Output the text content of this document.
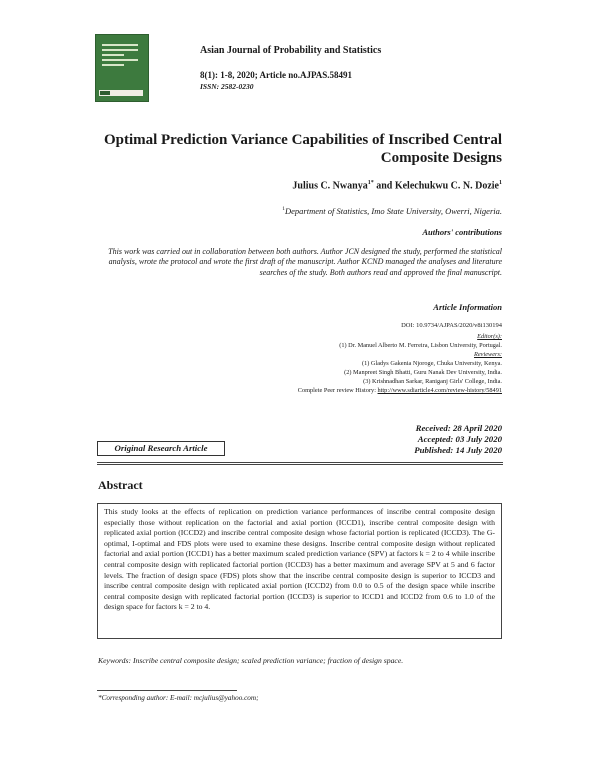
Asian Journal of Probability and Statistics
8(1): 1-8, 2020; Article no.AJPAS.58491
ISSN: 2582-0230
Optimal Prediction Variance Capabilities of Inscribed Central
Composite Designs
Julius C. Nwanya$^{1*}$ and Kelechukwu C. N. Dozie$^1$
$^1$Department of Statistics, Imo State University, Owerri, Nigeria.
Authors' contributions
This work was carried out in collaboration between both authors. Author JCN designed the study, performed the statistical analysis, wrote the protocol and wrote the first draft of the manuscript. Author KCND managed the analyses and literature searches of the study. Both authors read and approved the final manuscript.
Article Information
DOI: 10.9734/AJPAS/2020/v8i130194
Editor(s):
(1) Dr. Manuel Alberto M. Ferreira, Lisbon University, Portugal.
Reviewers:
(1) Gladys Gakenia Njoroge, Chuka University, Kenya.
(2) Manpreet Singh Bhatti, Guru Nanak Dev University, India.
(3) Krishnadhan Sarkar, Raniganj Girls' College, India.
Complete Peer review History: http://www.sdiarticle4.com/review-history/58491
Received: 28 April 2020
Accepted: 03 July 2020
Published: 14 July 2020
Original Research Article
Abstract
This study looks at the effects of replication on prediction variance performances of inscribe central composite design especially those without replication on the factorial and axial portion (ICCD1), inscribe central composite design with replicated axial portion (ICCD2) and inscribe central composite design whose factorial portion is replicated (ICCD3). The G-optimal, I-optimal and FDS plots were used to examine these designs. Inscribe central composite design without replicated factorial and axial portion (ICCD1) has a better maximum scaled prediction variance (SPV) at factors k = 2 to 4 while inscribe central composite design with replicated factorial portion (ICCD3) has a better maximum and average SPV at 5 and 6 factor levels. The fraction of design space (FDS) plots show that the inscribe central composite design is superior to ICCD3 and inscribe central composite design with replicated axial portion (ICCD2) from 0.0 to 0.5 of the design space while inscribe central composite design with replicated factorial portion (ICCD3) is superior to ICCD1 and ICCD2 from 0.6 to 1.0 of the design space for factors k = 2 to 4.
Keywords: Inscribe central composite design; scaled prediction variance; fraction of design space.
*Corresponding author: E-mail: mcjulius@yahoo.com;
